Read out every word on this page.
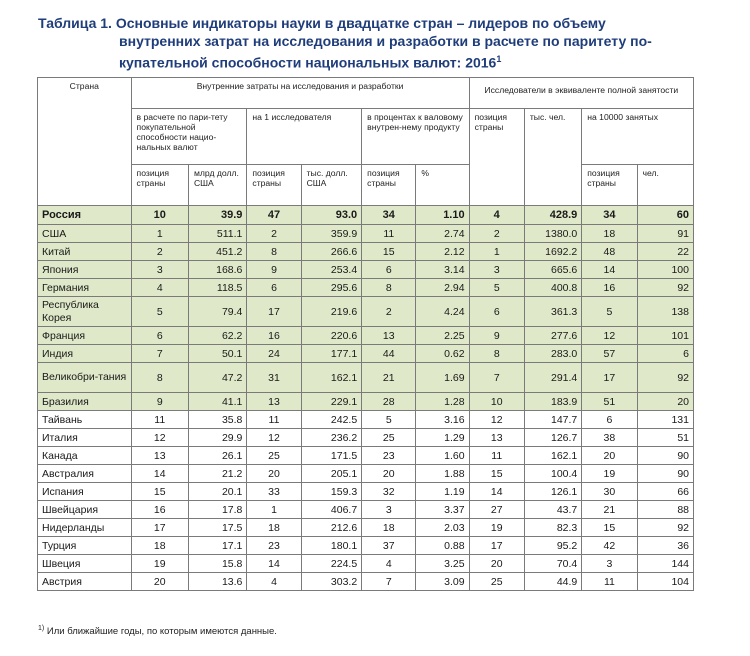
Таблица 1. Основные индикаторы науки в двадцатке стран – лидеров по объему
внутренних затрат на исследования и разработки в расчете по паритету по-
купательной способности национальных валют: 2016$^1$
Страна	Внутренние затраты на исследования и разработки						Исследователи в эквиваленте полной занятости			
	в расчете по пари-тету покупательной способности нацио-нальных валют		на 1 исследователя		в процентах к валовому внутрен-нему продукту		позиция страны	тыс. чел.	на 10000 занятых	
	позиция страны	млрд долл. США	позиция страны	тыс. долл. США	позиция страны	%			позиция страны	чел.
Россия	10	39.9	47	93.0	34	1.10	4	428.9	34	60
США	1	511.1	2	359.9	11	2.74	2	1380.0	18	91
Китай	2	451.2	8	266.6	15	2.12	1	1692.2	48	22
Япония	3	168.6	9	253.4	6	3.14	3	665.6	14	100
Германия	4	118.5	6	295.6	8	2.94	5	400.8	16	92
Республика Корея	5	79.4	17	219.6	2	4.24	6	361.3	5	138
Франция	6	62.2	16	220.6	13	2.25	9	277.6	12	101
Индия	7	50.1	24	177.1	44	0.62	8	283.0	57	6
Великобри-тания	8	47.2	31	162.1	21	1.69	7	291.4	17	92
Бразилия	9	41.1	13	229.1	28	1.28	10	183.9	51	20
Тайвань	11	35.8	11	242.5	5	3.16	12	147.7	6	131
Италия	12	29.9	12	236.2	25	1.29	13	126.7	38	51
Канада	13	26.1	25	171.5	23	1.60	11	162.1	20	90
Австралия	14	21.2	20	205.1	20	1.88	15	100.4	19	90
Испания	15	20.1	33	159.3	32	1.19	14	126.1	30	66
Швейцария	16	17.8	1	406.7	3	3.37	27	43.7	21	88
Нидерланды	17	17.5	18	212.6	18	2.03	19	82.3	15	92
Турция	18	17.1	23	180.1	37	0.88	17	95.2	42	36
Швеция	19	15.8	14	224.5	4	3.25	20	70.4	3	144
Австрия	20	13.6	4	303.2	7	3.09	25	44.9	11	104
$^{1)}$ Или ближайшие годы, по которым имеются данные.
